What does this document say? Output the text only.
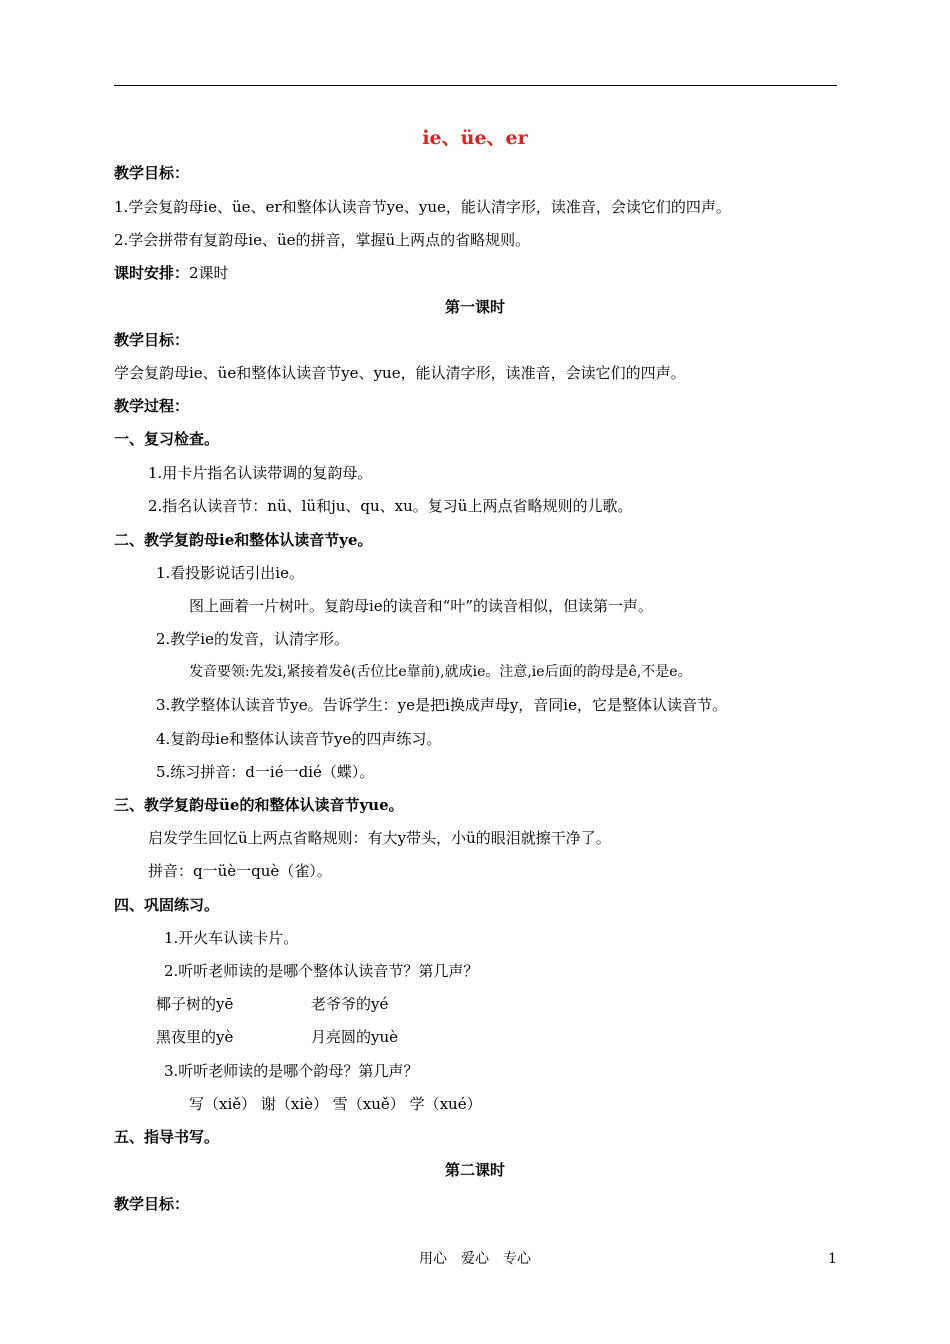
ie、üe、er
教学目标：
1.学会复韵母ie、üe、er和整体认读音节ye、yue，能认清字形，读准音，会读它们的四声。
2.学会拼带有复韵母ie、üe的拼音，掌握ü上两点的省略规则。
课时安排：2课时
第一课时
教学目标：
学会复韵母ie、üe和整体认读音节ye、yue，能认清字形，读准音，会读它们的四声。
教学过程：
一、复习检查。
1.用卡片指名认读带调的复韵母。
2.指名认读音节：nü、lü和ju、qu、xu。复习ü上两点省略规则的儿歌。
二、教学复韵母ie和整体认读音节ye。
1.看投影说话引出ie。
图上画着一片树叶。复韵母ie的读音和“叶”的读音相似，但读第一声。
2.教学ie的发音，认清字形。
发音要领:先发i,紧接着发ê(舌位比e靠前),就成ie。注意,ie后面的韵母是ê,不是e。
3.教学整体认读音节ye。告诉学生：ye是把i换成声母y，音同ie，它是整体认读音节。
4.复韵母ie和整体认读音节ye的四声练习。
5.练习拼音：d一ié一dié（蝶）。
三、教学复韵母üe的和整体认读音节yue。
启发学生回忆ü上两点省略规则：有大y带头，小ü的眼泪就擦干净了。
拼音：q一üè一què（雀）。
四、巩固练习。
1.开火车认读卡片。
2.听听老师读的是哪个整体认读音节？第几声？
椰子树的yē	老爷爷的yé
黑夜里的yè	月亮圆的yuè
3.听听老师读的是哪个韵母？第几声？
写（xiě） 谢（xiè） 雪（xuě） 学（xué）
五、指导书写。
第二课时
教学目标：
用心　爱心　专心	1
